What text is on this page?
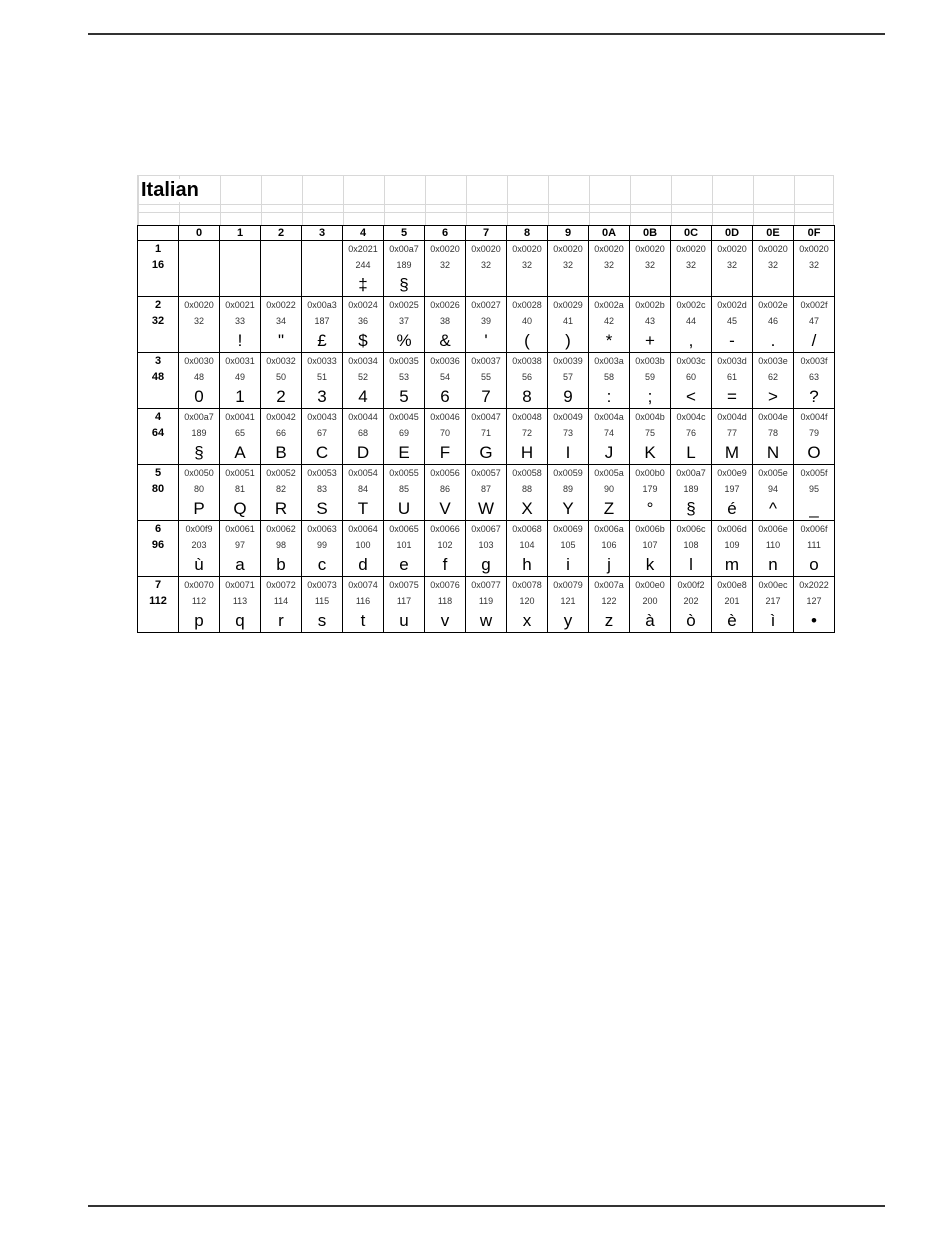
Italian
	0	1	2	3	4	5	6	7	8	9	0A	0B	0C	0D	0E	0F
1					0x2021	0x00a7	0x0020	0x0020	0x0020	0x0020	0x0020	0x0020	0x0020	0x0020	0x0020	0x0020
16					244	189	32	32	32	32	32	32	32	32	32	32
					‡	§										
2	0x0020	0x0021	0x0022	0x00a3	0x0024	0x0025	0x0026	0x0027	0x0028	0x0029	0x002a	0x002b	0x002c	0x002d	0x002e	0x002f
32	32	33	34	187	36	37	38	39	40	41	42	43	44	45	46	47
		!	"	£	$	%	&	'	(	)	*	+	,	-	.	/
3	0x0030	0x0031	0x0032	0x0033	0x0034	0x0035	0x0036	0x0037	0x0038	0x0039	0x003a	0x003b	0x003c	0x003d	0x003e	0x003f
48	48	49	50	51	52	53	54	55	56	57	58	59	60	61	62	63
	0	1	2	3	4	5	6	7	8	9	:	;	<	=	>	?
4	0x00a7	0x0041	0x0042	0x0043	0x0044	0x0045	0x0046	0x0047	0x0048	0x0049	0x004a	0x004b	0x004c	0x004d	0x004e	0x004f
64	189	65	66	67	68	69	70	71	72	73	74	75	76	77	78	79
	§	A	B	C	D	E	F	G	H	I	J	K	L	M	N	O
5	0x0050	0x0051	0x0052	0x0053	0x0054	0x0055	0x0056	0x0057	0x0058	0x0059	0x005a	0x00b0	0x00a7	0x00e9	0x005e	0x005f
80	80	81	82	83	84	85	86	87	88	89	90	179	189	197	94	95
	P	Q	R	S	T	U	V	W	X	Y	Z	°	§	é	^	_
6	0x00f9	0x0061	0x0062	0x0063	0x0064	0x0065	0x0066	0x0067	0x0068	0x0069	0x006a	0x006b	0x006c	0x006d	0x006e	0x006f
96	203	97	98	99	100	101	102	103	104	105	106	107	108	109	110	111
	ù	a	b	c	d	e	f	g	h	i	j	k	l	m	n	o
7	0x0070	0x0071	0x0072	0x0073	0x0074	0x0075	0x0076	0x0077	0x0078	0x0079	0x007a	0x00e0	0x00f2	0x00e8	0x00ec	0x2022
112	112	113	114	115	116	117	118	119	120	121	122	200	202	201	217	127
	p	q	r	s	t	u	v	w	x	y	z	à	ò	è	ì	•
